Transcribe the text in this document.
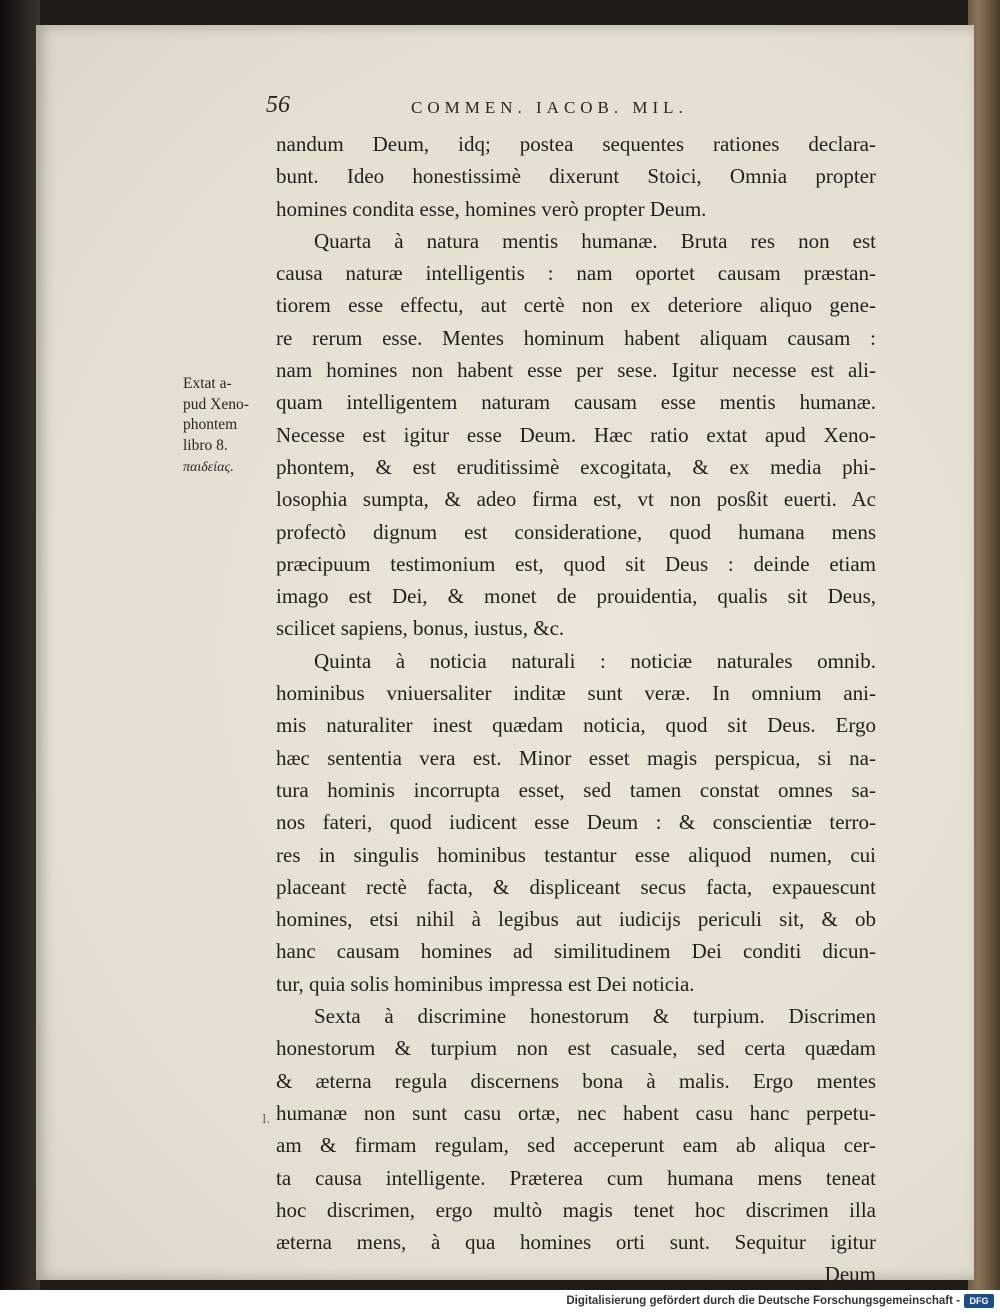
56	COMMEN. IACOB. MIL.
Extat a-
pud Xeno-
phontem
libro 8.
παιδείας.
nandum Deum, idq; postea sequentes rationes declara-
bunt. Ideo honestissimè dixerunt Stoici, Omnia propter
homines condita esse, homines verò propter Deum.
Quarta à natura mentis humanæ. Bruta res non est
causa naturæ intelligentis : nam oportet causam præstan-
tiorem esse effectu, aut certè non ex deteriore aliquo gene-
re rerum esse. Mentes hominum habent aliquam causam :
nam homines non habent esse per sese. Igitur necesse est ali-
quam intelligentem naturam causam esse mentis humanæ.
Necesse est igitur esse Deum. Hæc ratio extat apud Xeno-
phontem, & est eruditissimè excogitata, & ex media phi-
losophia sumpta, & adeo firma est, vt non posßit euerti. Ac
profectò dignum est consideratione, quod humana mens
præcipuum testimonium est, quod sit Deus : deinde etiam
imago est Dei, & monet de prouidentia, qualis sit Deus,
scilicet sapiens, bonus, iustus, &c.
Quinta à noticia naturali : noticiæ naturales omnib.
hominibus vniuersaliter inditæ sunt veræ. In omnium ani-
mis naturaliter inest quædam noticia, quod sit Deus. Ergo
hæc sententia vera est. Minor esset magis perspicua, si na-
tura hominis incorrupta esset, sed tamen constat omnes sa-
nos fateri, quod iudicent esse Deum : & conscientiæ terro-
res in singulis hominibus testantur esse aliquod numen, cui
placeant rectè facta, & displiceant secus facta, expauescunt
homines, etsi nihil à legibus aut iudicijs periculi sit, & ob
hanc causam homines ad similitudinem Dei conditi dicun-
tur, quia solis hominibus impressa est Dei noticia.
Sexta à discrimine honestorum & turpium. Discrimen
honestorum & turpium non est casuale, sed certa quædam
& æterna regula discernens bona à malis. Ergo mentes
humanæ non sunt casu ortæ, nec habent casu hanc perpetu-
am & firmam regulam, sed acceperunt eam ab aliqua cer-
ta causa intelligente. Præterea cum humana mens teneat
hoc discrimen, ergo multò magis tenet hoc discrimen illa
æterna mens, à qua homines orti sunt. Sequitur igitur
Deum
I.
Digitalisierung gefördert durch die Deutsche Forschungsgemeinschaft -	DFG
